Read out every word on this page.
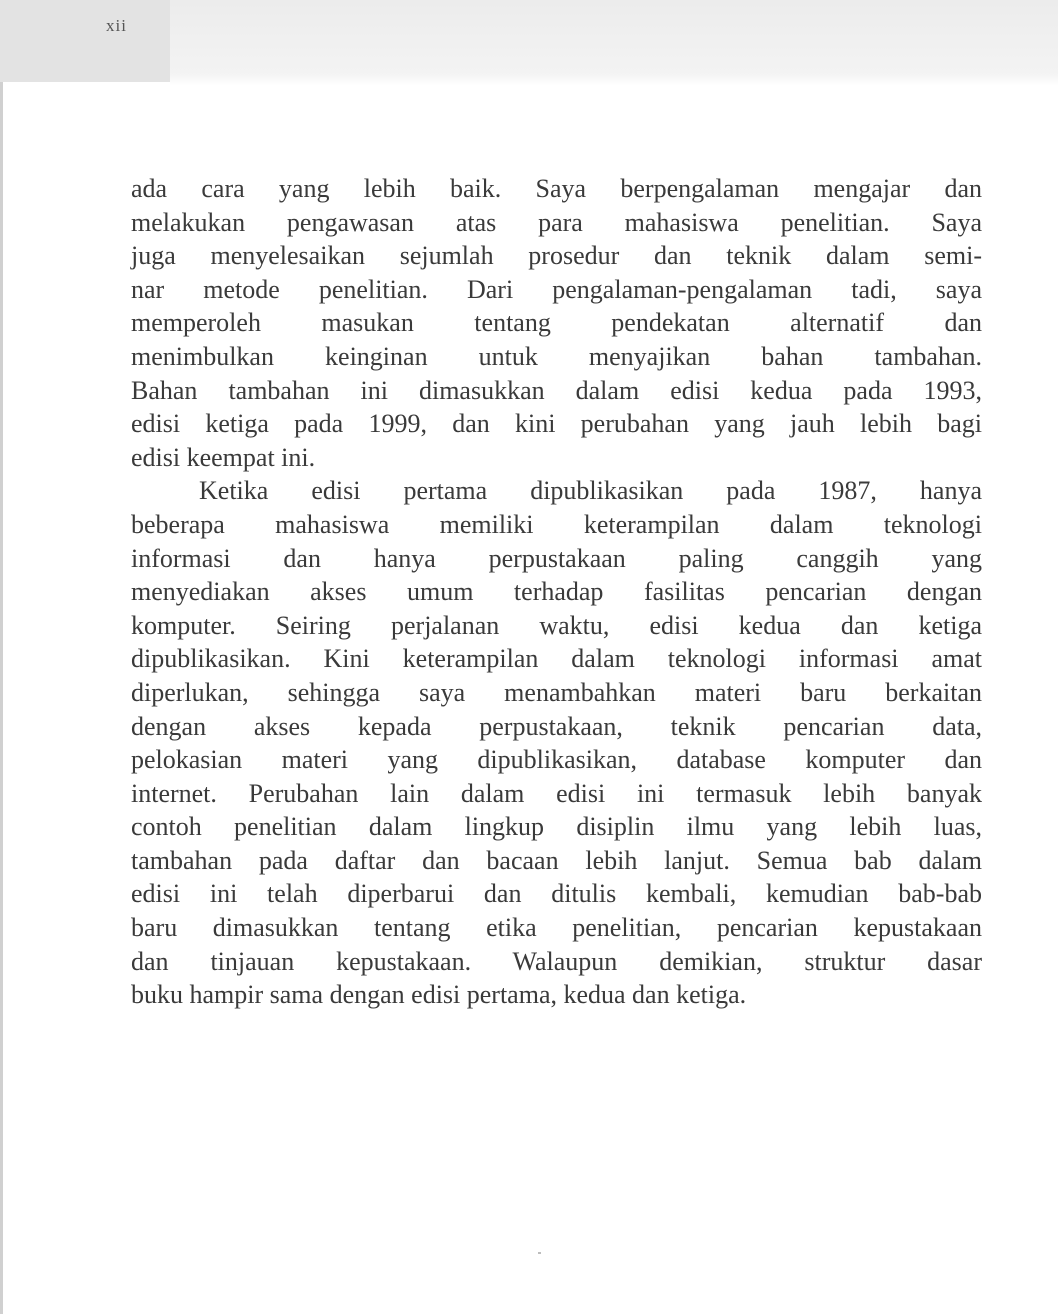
xii
ada cara yang lebih baik. Saya berpengalaman mengajar dan
melakukan pengawasan atas para mahasiswa penelitian. Saya
juga menyelesaikan sejumlah prosedur dan teknik dalam semi-
nar metode penelitian. Dari pengalaman-pengalaman tadi, saya
memperoleh masukan tentang pendekatan alternatif dan
menimbulkan keinginan untuk menyajikan bahan tambahan.
Bahan tambahan ini dimasukkan dalam edisi kedua pada 1993,
edisi ketiga pada 1999, dan kini perubahan yang jauh lebih bagi
edisi keempat ini.
Ketika edisi pertama dipublikasikan pada 1987, hanya
beberapa mahasiswa memiliki keterampilan dalam teknologi
informasi dan hanya perpustakaan paling canggih yang
menyediakan akses umum terhadap fasilitas pencarian dengan
komputer. Seiring perjalanan waktu, edisi kedua dan ketiga
dipublikasikan. Kini keterampilan dalam teknologi informasi amat
diperlukan, sehingga saya menambahkan materi baru berkaitan
dengan akses kepada perpustakaan, teknik pencarian data,
pelokasian materi yang dipublikasikan, database komputer dan
internet. Perubahan lain dalam edisi ini termasuk lebih banyak
contoh penelitian dalam lingkup disiplin ilmu yang lebih luas,
tambahan pada daftar dan bacaan lebih lanjut. Semua bab dalam
edisi ini telah diperbarui dan ditulis kembali, kemudian bab-bab
baru dimasukkan tentang etika penelitian, pencarian kepustakaan
dan tinjauan kepustakaan. Walaupun demikian, struktur dasar
buku hampir sama dengan edisi pertama, kedua dan ketiga.
